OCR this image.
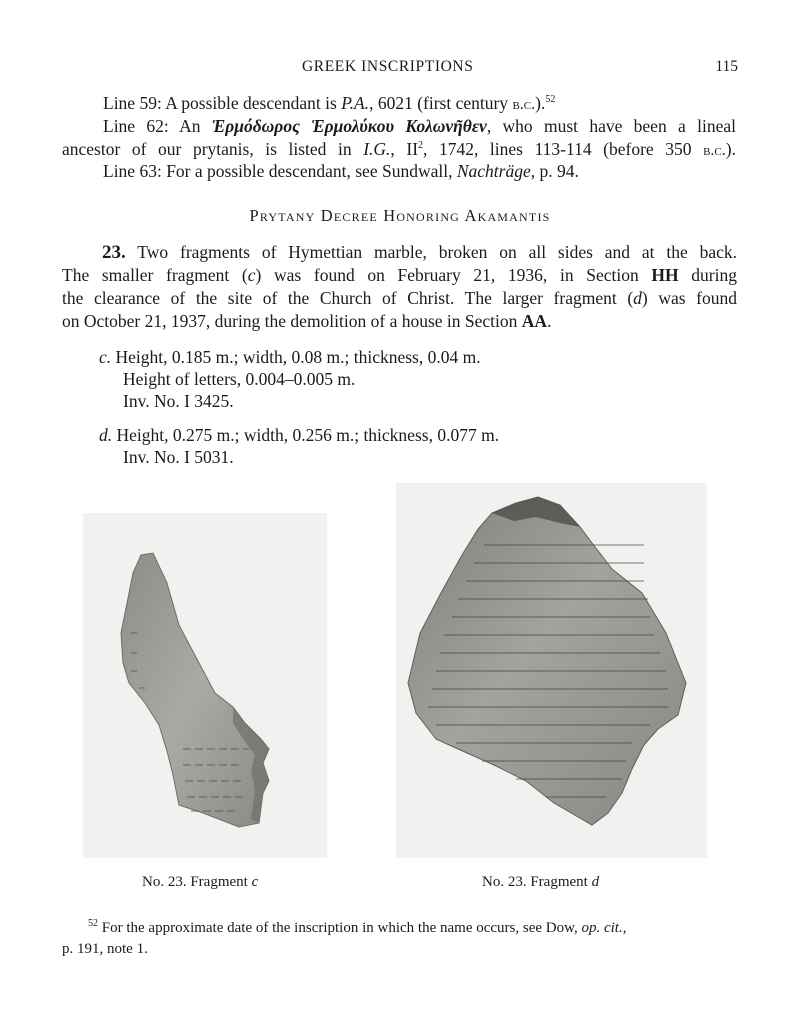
GREEK INSCRIPTIONS	115
Line 59: A possible descendant is P.A., 6021 (first century b.c.).$^{52}$
Line 62: An Ἑρμόδωρος Ἑρμολύκου Κολωνῆθεν, who must have been a lineal
ancestor of our prytanis, is listed in I.G., $II^2$, 1742, lines 113-114 (before 350 b.c.).
Line 63: For a possible descendant, see Sundwall, Nachträge, p. 94.
Prytany Decree Honoring Akamantis
23. Two fragments of Hymettian marble, broken on all sides and at the back.
The smaller fragment (c) was found on February 21, 1936, in Section HH during
the clearance of the site of the Church of Christ. The larger fragment (d) was found
on October 21, 1937, during the demolition of a house in Section AA.
c. Height, 0.185 m.; width, 0.08 m.; thickness, 0.04 m.
Height of letters, 0.004–0.005 m.
Inv. No. I 3425.
d. Height, 0.275 m.; width, 0.256 m.; thickness, 0.077 m.
Inv. No. I 5031.
No. 23. Fragment c	No. 23. Fragment d
$^{52}$ For the approximate date of the inscription in which the name occurs, see Dow, op. cit.,
p. 191, note 1.
